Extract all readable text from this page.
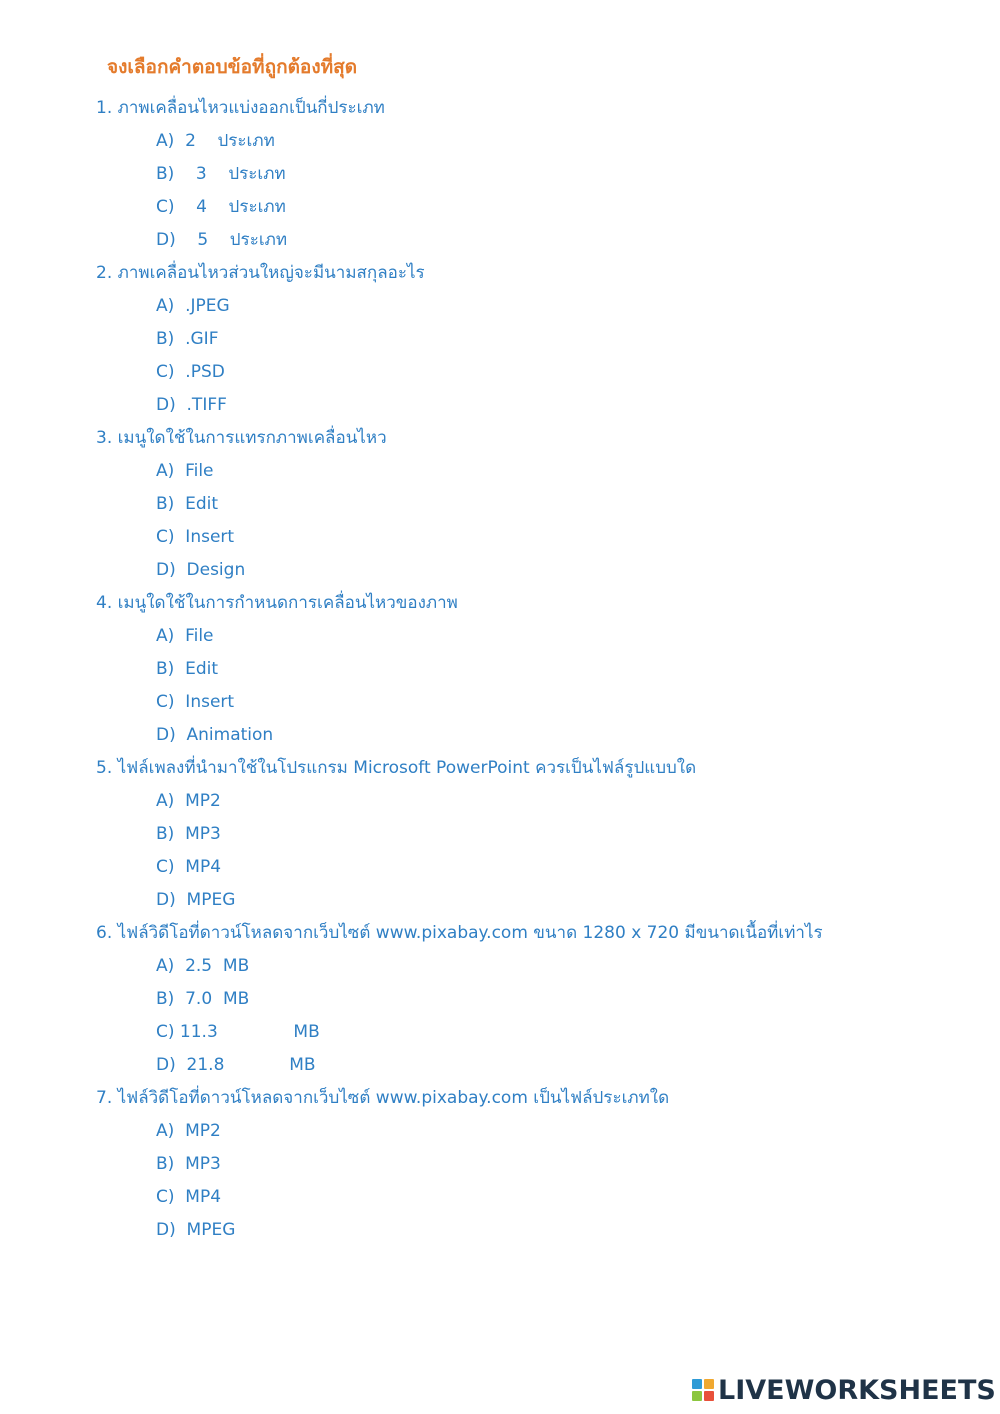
จงเลือกคำตอบข้อที่ถูกต้องที่สุด
1. ภาพเคลื่อนไหวแบ่งออกเป็นกี่ประเภท
A)  2    ประเภท
B)    3    ประเภท
C)    4    ประเภท
D)    5    ประเภท
2. ภาพเคลื่อนไหวส่วนใหญ่จะมีนามสกุลอะไร
A)  .JPEG
B)  .GIF
C)  .PSD
D)  .TIFF
3. เมนูใดใช้ในการแทรกภาพเคลื่อนไหว
A)  File
B)  Edit
C)  Insert
D)  Design
4. เมนูใดใช้ในการกำหนดการเคลื่อนไหวของภาพ
A)  File
B)  Edit
C)  Insert
D)  Animation
5. ไฟล์เพลงที่นำมาใช้ในโปรแกรม Microsoft PowerPoint ควรเป็นไฟล์รูปแบบใด
A)  MP2
B)  MP3
C)  MP4
D)  MPEG
6. ไฟล์วิดีโอที่ดาวน์โหลดจากเว็บไซต์ www.pixabay.com ขนาด 1280 x 720 มีขนาดเนื้อที่เท่าไร
A)  2.5  MB
B)  7.0  MB
C) 11.3              MB
D)  21.8            MB
7. ไฟล์วิดีโอที่ดาวน์โหลดจากเว็บไซต์ www.pixabay.com เป็นไฟล์ประเภทใด
A)  MP2
B)  MP3
C)  MP4
D)  MPEG
LIVEWORKSHEETS
